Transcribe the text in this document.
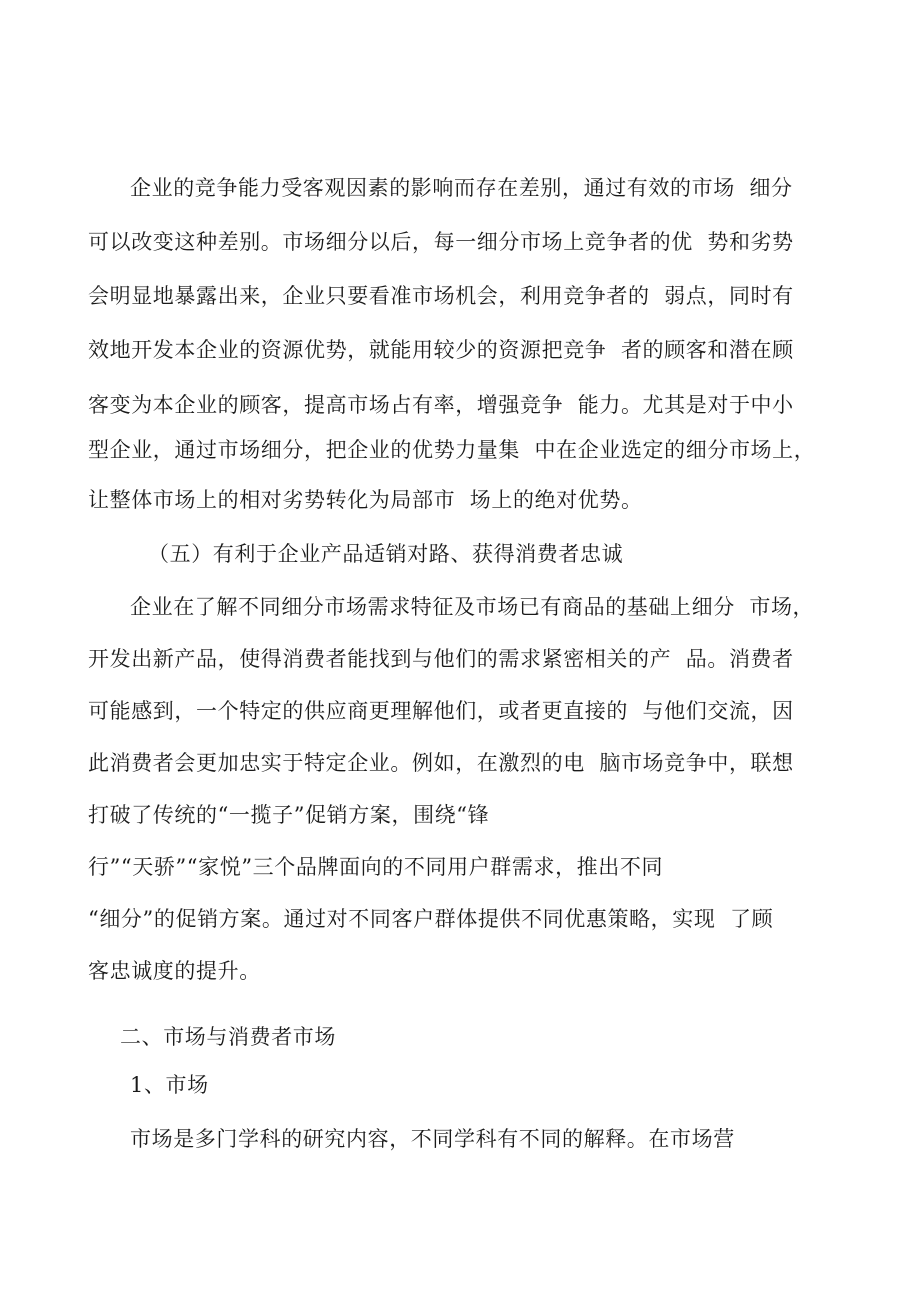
企业的竞争能力受客观因素的影响而存在差别，通过有效的市场  细分
可以改变这种差别。市场细分以后，每一细分市场上竞争者的优  势和劣势
会明显地暴露出来，企业只要看准市场机会，利用竞争者的  弱点，同时有
效地开发本企业的资源优势，就能用较少的资源把竞争  者的顾客和潜在顾
客变为本企业的顾客，提高市场占有率，增强竞争  能力。尤其是对于中小
型企业，通过市场细分，把企业的优势力量集  中在企业选定的细分市场上，
让整体市场上的相对劣势转化为局部市  场上的绝对优势。
（五）有利于企业产品适销对路、获得消费者忠诚
企业在了解不同细分市场需求特征及市场已有商品的基础上细分  市场，
开发出新产品，使得消费者能找到与他们的需求紧密相关的产  品。消费者
可能感到，一个特定的供应商更理解他们，或者更直接的  与他们交流，因
此消费者会更加忠实于特定企业。例如，在激烈的电  脑市场竞争中，联想
打破了传统的“一揽子”促销方案，围绕“锋
行”“天骄”“家悦”三个品牌面向的不同用户群需求，推出不同
“细分”的促销方案。通过对不同客户群体提供不同优惠策略，实现  了顾
客忠诚度的提升。
二、市场与消费者市场
1、市场
市场是多门学科的研究内容，不同学科有不同的解释。在市场营
